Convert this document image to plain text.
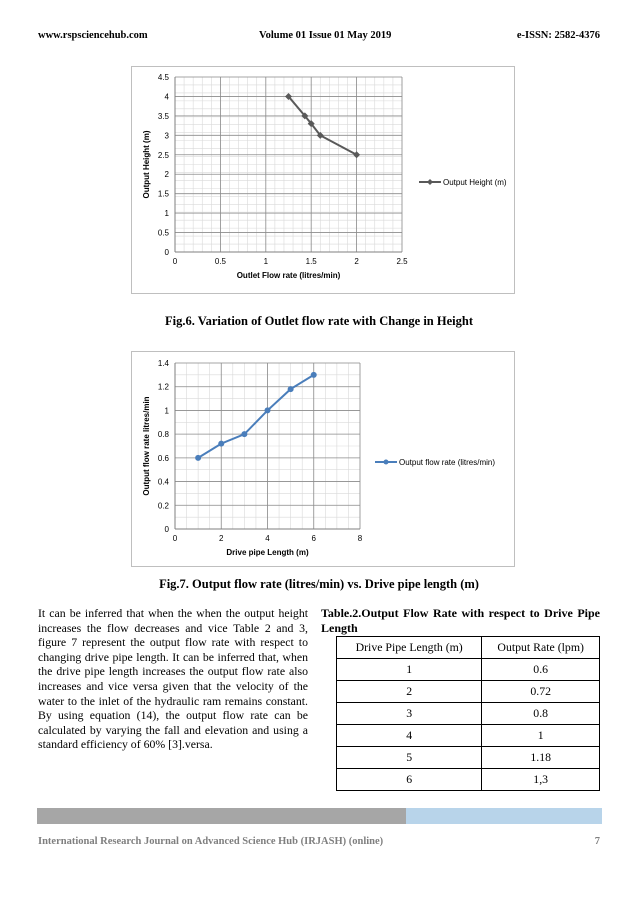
www.rspsciencehub.com	Volume 01 Issue 01 May 2019	e-ISSN: 2582-4376
0
0.5
1
1.5
2
2.5
3
3.5
4
4.5
0	0.5	1	1.5	2	2.5
Outlet Flow rate (litres/min)
Output Height (m)	Output Height (m)
Fig.6. Variation of Outlet flow rate with Change in Height
0
0.2
0.4
0.6
0.8
1
1.2
1.4
0	2	4	6	8
Drive pipe Length (m)
Output flow rate litres/min	Output flow rate (litres/min)
Fig.7. Output flow rate (litres/min) vs. Drive pipe length (m)
It can be inferred that when the when the output height increases the flow decreases and vice Table 2 and 3, figure 7 represent the output flow rate with respect to changing drive pipe length. It can be inferred that, when the drive pipe length increases the output flow rate also increases and vice versa given that the velocity of the water to the inlet of the hydraulic ram remains constant. By using equation (14), the output flow rate can be calculated by varying the fall and elevation and using a standard efficiency of 60% [3].versa.
Table.2.Output Flow Rate with respect to Drive Pipe Length
Drive Pipe Length (m)	Output Rate (lpm)
1	0.6
2	0.72
3	0.8
4	1
5	1.18
6	1,3
International Research Journal on Advanced Science Hub (IRJASH) (online)	7
